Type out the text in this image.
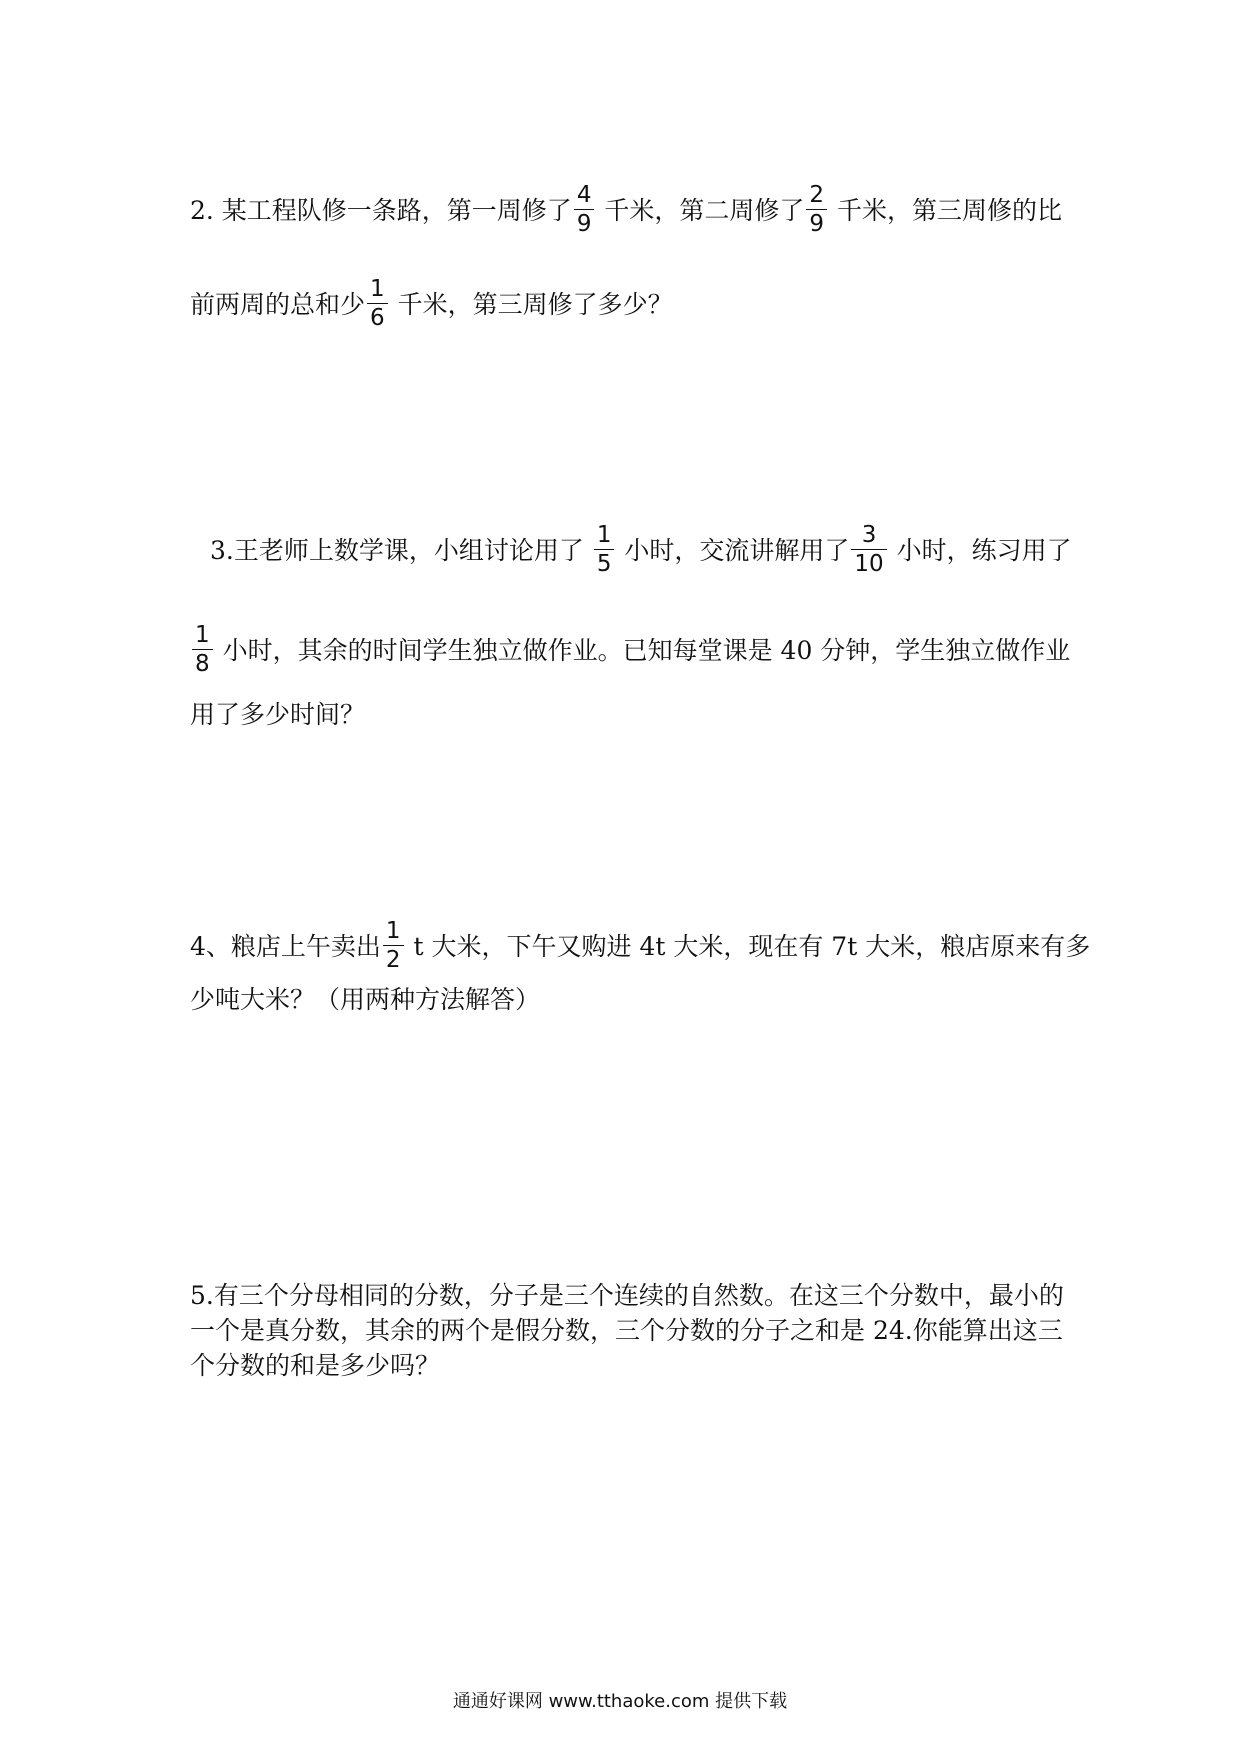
2. 某工程队修一条路，第一周修了 $\frac{4}{9}$ 千米，第二周修了 $\frac{2}{9}$ 千米，第三周修的比
前两周的总和少 $\frac{1}{6}$ 千米，第三周修了多少？
3.王老师上数学课，小组讨论用了 $\frac{1}{5}$ 小时，交流讲解用了 $\frac{3}{10}$ 小时，练习用了
$\frac{1}{8}$ 小时，其余的时间学生独立做作业。已知每堂课是 40 分钟，学生独立做作业
用了多少时间？
4、粮店上午卖出 $\frac{1}{2}$ t 大米，下午又购进 4t 大米，现在有 7t 大米，粮店原来有多
少吨大米？（用两种方法解答）
5.有三个分母相同的分数，分子是三个连续的自然数。在这三个分数中，最小的
一个是真分数，其余的两个是假分数，三个分数的分子之和是 24.你能算出这三
个分数的和是多少吗？
通通好课网 www.tthaoke.com 提供下载
